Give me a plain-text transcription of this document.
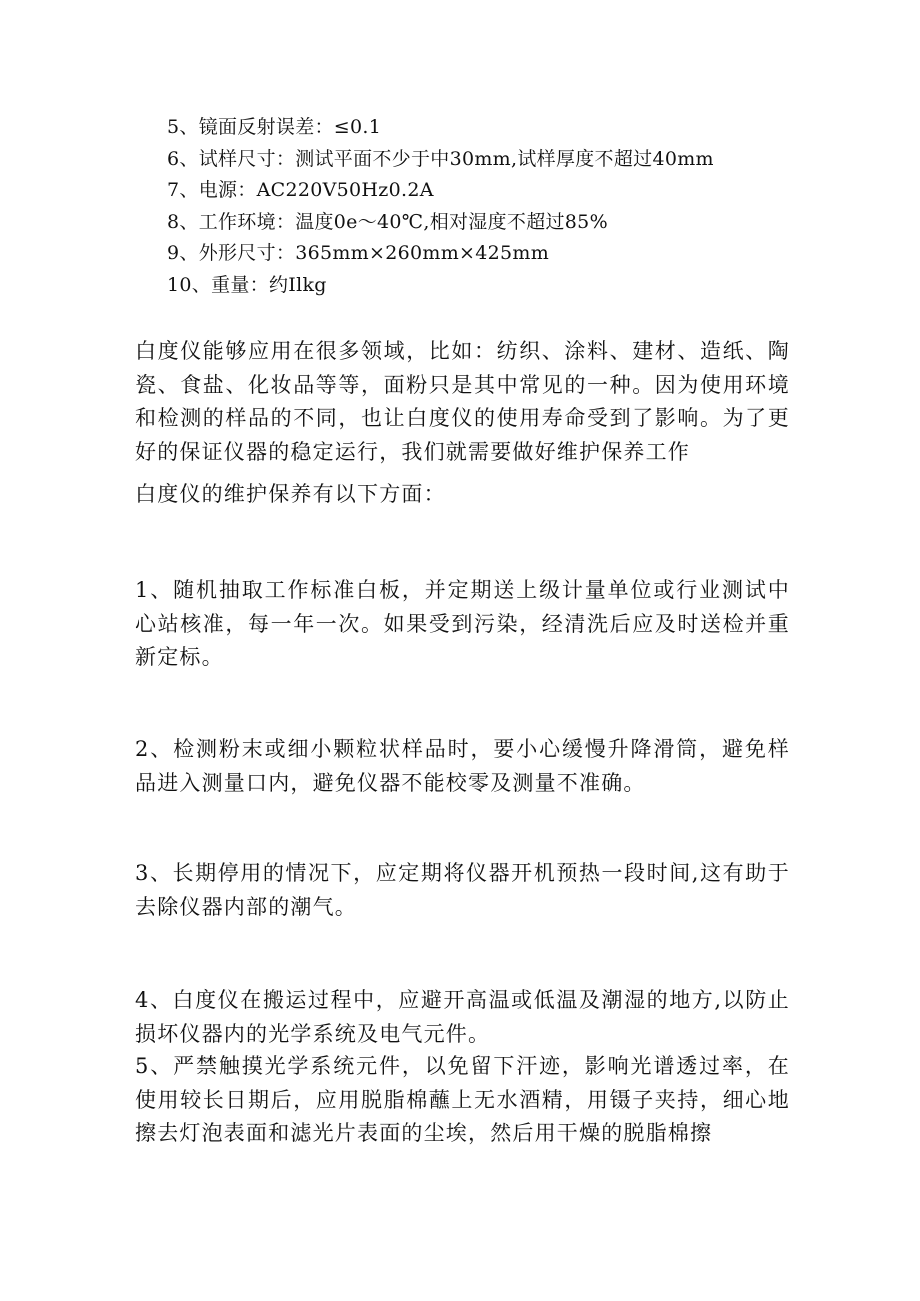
5、镜面反射误差：≤0.1
6、试样尺寸：测试平面不少于中30mm,试样厚度不超过40mm
7、电源：AC220V50Hz0.2A
8、工作环境：温度0e～40℃,相对湿度不超过85%
9、外形尺寸：365mm×260mm×425mm
10、重量：约Ilkg

白度仪能够应用在很多领域，比如：纺织、涂料、建材、造纸、陶瓷、食盐、化妆品等等，面粉只是其中常见的一种。因为使用环境和检测的样品的不同，也让白度仪的使用寿命受到了影响。为了更好的保证仪器的稳定运行，我们就需要做好维护保养工作

白度仪的维护保养有以下方面：

1、随机抽取工作标准白板，并定期送上级计量单位或行业测试中心站核准，每一年一次。如果受到污染，经清洗后应及时送检并重新定标。

2、检测粉末或细小颗粒状样品时，要小心缓慢升降滑筒，避免样品进入测量口内，避免仪器不能校零及测量不准确。

3、长期停用的情况下，应定期将仪器开机预热一段时间,这有助于去除仪器内部的潮气。

4、白度仪在搬运过程中，应避开高温或低温及潮湿的地方,以防止损坏仪器内的光学系统及电气元件。

5、严禁触摸光学系统元件，以免留下汗迹，影响光谱透过率，在使用较长日期后，应用脱脂棉蘸上无水酒精，用镊子夹持，细心地擦去灯泡表面和滤光片表面的尘埃，然后用干燥的脱脂棉擦
